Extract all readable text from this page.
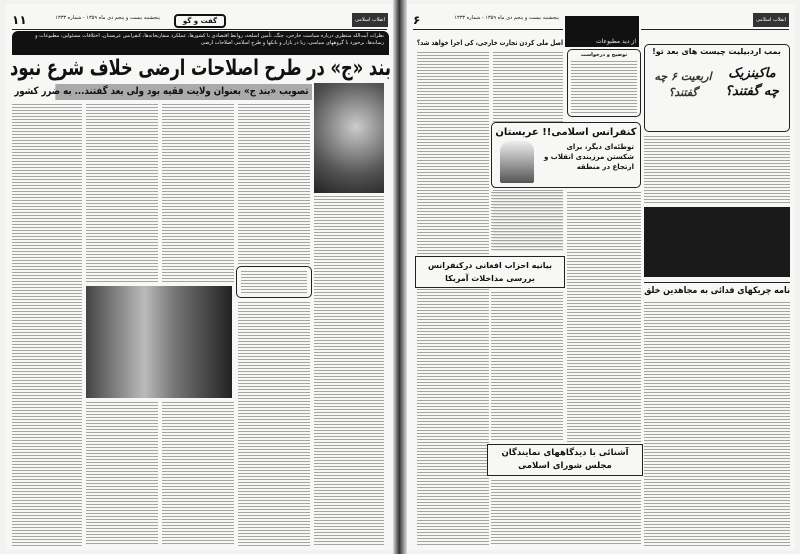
۱۱	پنجشنبه بیست و پنجم دی ماه ۱۳۵۹ - شماره ۱۳۳۳	گفت و گو	انقلاب اسلامی
نظرات آیت‌الله منتظری درباره سیاست خارجی، جنگ، تأمین اسلحه، روابط اقتصادی با کشورها، عملکرد سفارتخانه‌ها، کنفرانس عربستان، اختلافات مسئولین، مطبوعات و رسانه‌ها، برخورد با گروههای سیاسی، ربا در بازار و بانکها و طرح اسلامی اصلاحات ارضی
بند «ج» در طرح اصلاحات ارضی خلاف شرع نبود
تصویب «بند ج» بعنوان ولایت فقیه بود ولی بعد گفتند... به ضرر کشور
۶	پنجشنبه بیست و پنجم دی ماه ۱۳۵۹ - شماره ۱۳۳۳
از دید مطبوعات
انقلاب اسلامی
اصل ملی کردن تجارت خارجی، کی اجرا خواهد شد؟
توضیح و درخواست	بمب اردبیلیت چیست های بعد تو!
ماکینزیک چه گفتند؟
اربعیت ۶ چه گفتند؟
نامه چریکهای فدائی به مجاهدین خلق
کنفرانس اسلامی!! عربستان
توطئه‌ای دیگر، برای شکستن مرزبندی انقلاب و ارتجاع در منطقه
بیانیه احزاب افغانی درکنفرانس بررسی مداخلات آمریکا
آشنائی با دیدگاههای نمایندگان مجلس شورای اسلامی
